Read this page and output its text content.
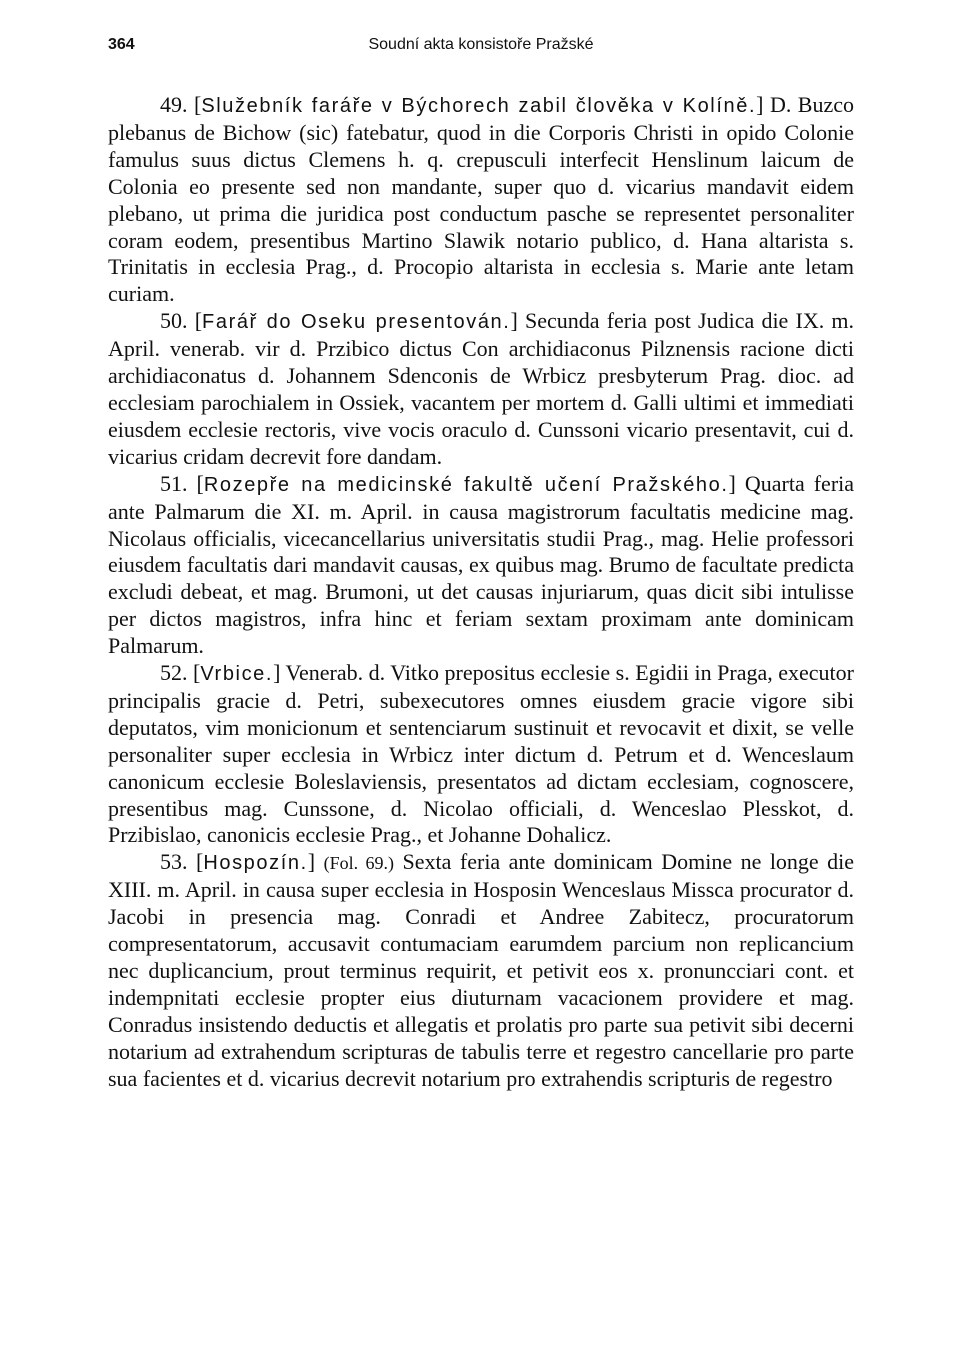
364	Soudní akta konsistoře Pražské

49. [Služebník faráře v Býchorech zabil člověka v Kolíně.] D. Buzco plebanus de Bichow (sic) fatebatur, quod in die Corporis Christi in opido Colonie famulus suus dictus Clemens h. q. crepusculi interfecit Henslinum laicum de Colonia eo presente sed non mandante, super quo d. vicarius mandavit eidem plebano, ut prima die juridica post conductum pasche se representet personaliter coram eodem, presentibus Martino Slawik notario publico, d. Hana altarista s. Trinitatis in ecclesia Prag., d. Procopio altarista in ecclesia s. Marie ante letam curiam.

50. [Farář do Oseku presentován.] Secunda feria post Judica die IX. m. April. venerab. vir d. Przibico dictus Con archidiaconus Pilznensis racione dicti archidiaconatus d. Johannem Sdenconis de Wrbicz presbyterum Prag. dioc. ad ecclesiam parochialem in Ossiek, vacantem per mortem d. Galli ultimi et immediati eiusdem ecclesie rectoris, vive vocis oraculo d. Cunssoni vicario presentavit, cui d. vicarius cridam decrevit fore dandam.

51. [Rozepře na medicinské fakultě učení Pražského.] Quarta feria ante Palmarum die XI. m. April. in causa magistrorum facultatis medicine mag. Nicolaus officialis, vicecancellarius universitatis studii Prag., mag. Helie professori eiusdem facultatis dari mandavit causas, ex quibus mag. Brumo de facultate predicta excludi debeat, et mag. Brumoni, ut det causas injuriarum, quas dicit sibi intulisse per dictos magistros, infra hinc et feriam sextam proximam ante dominicam Palmarum.

52. [Vrbice.] Venerab. d. Vitko prepositus ecclesie s. Egidii in Praga, executor principalis gracie d. Petri, subexecutores omnes eiusdem gracie vigore sibi deputatos, vim monicionum et sentenciarum sustinuit et revocavit et dixit, se velle personaliter super ecclesia in Wrbicz inter dictum d. Petrum et d. Wenceslaum canonicum ecclesie Boleslaviensis, presentatos ad dictam ecclesiam, cognoscere, presentibus mag. Cunssone, d. Nicolao officiali, d. Wenceslao Plesskot, d. Przibislao, canonicis ecclesie Prag., et Johanne Dohalicz.

53. [Hospozín.] (Fol. 69.) Sexta feria ante dominicam Domine ne longe die XIII. m. April. in causa super ecclesia in Hosposin Wenceslaus Missca procurator d. Jacobi in presencia mag. Conradi et Andree Zabitecz, procuratorum compresentatorum, accusavit contumaciam earumdem parcium non replicancium nec duplicancium, prout terminus requirit, et petivit eos x. pronuncciari cont. et indempnitati ecclesie propter eius diuturnam vacacionem providere et mag. Conradus insistendo deductis et allegatis et prolatis pro parte sua petivit sibi decerni notarium ad extrahendum scripturas de tabulis terre et regestro cancellarie pro parte sua facientes et d. vicarius decrevit notarium pro extrahendis scripturis de regestro
